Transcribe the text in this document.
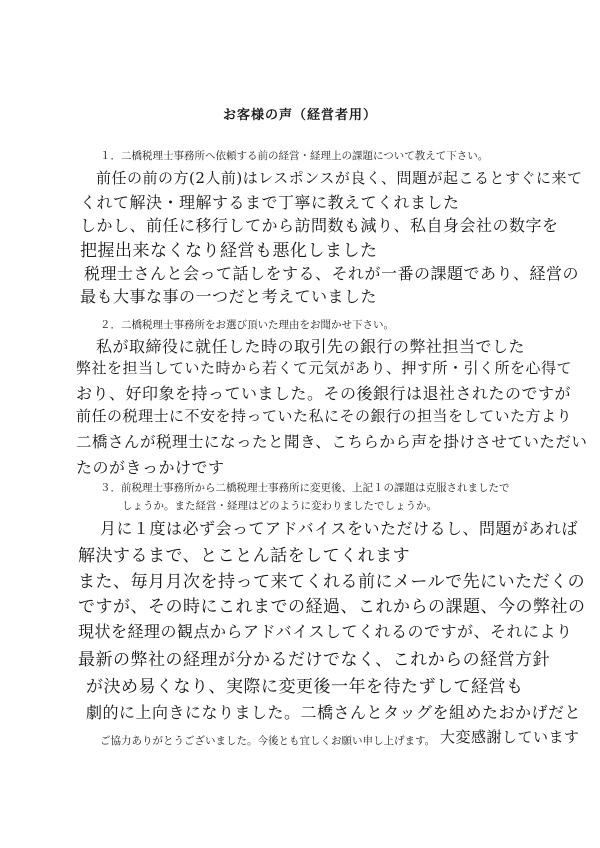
お客様の声（経営者用）
１．二橋税理士事務所へ依頼する前の経営・経理上の課題について教えて下さい。
前任の前の方(2人前)はレスポンスが良く、問題が起こるとすぐに来て
くれて解決・理解するまで丁寧に教えてくれました
しかし、前任に移行してから訪問数も減り、私自身会社の数字を
把握出来なくなり経営も悪化しました
税理士さんと会って話しをする、それが一番の課題であり、経営の
最も大事な事の一つだと考えていました
２．二橋税理士事務所をお選び頂いた理由をお聞かせ下さい。
私が取締役に就任した時の取引先の銀行の弊社担当でした
弊社を担当していた時から若くて元気があり、押す所・引く所を心得て
おり、好印象を持っていました。その後銀行は退社されたのですが
前任の税理士に不安を持っていた私にその銀行の担当をしていた方より
二橋さんが税理士になったと聞き、こちらから声を掛けさせていただい
たのがきっかけです
３．前税理士事務所から二橋税理士事務所に変更後、上記１の課題は克服されましたで
しょうか。また経営・経理はどのように変わりましたでしょうか。
月に１度は必ず会ってアドバイスをいただけるし、問題があれば
解決するまで、とことん話をしてくれます
また、毎月月次を持って来てくれる前にメールで先にいただくの
ですが、その時にこれまでの経過、これからの課題、今の弊社の
現状を経理の観点からアドバイスしてくれるのですが、それにより
最新の弊社の経理が分かるだけでなく、これからの経営方針
が決め易くなり、実際に変更後一年を待たずして経営も
劇的に上向きになりました。二橋さんとタッグを組めたおかげだと
ご協力ありがとうございました。今後とも宜しくお願い申し上げます。 大変感謝しています
